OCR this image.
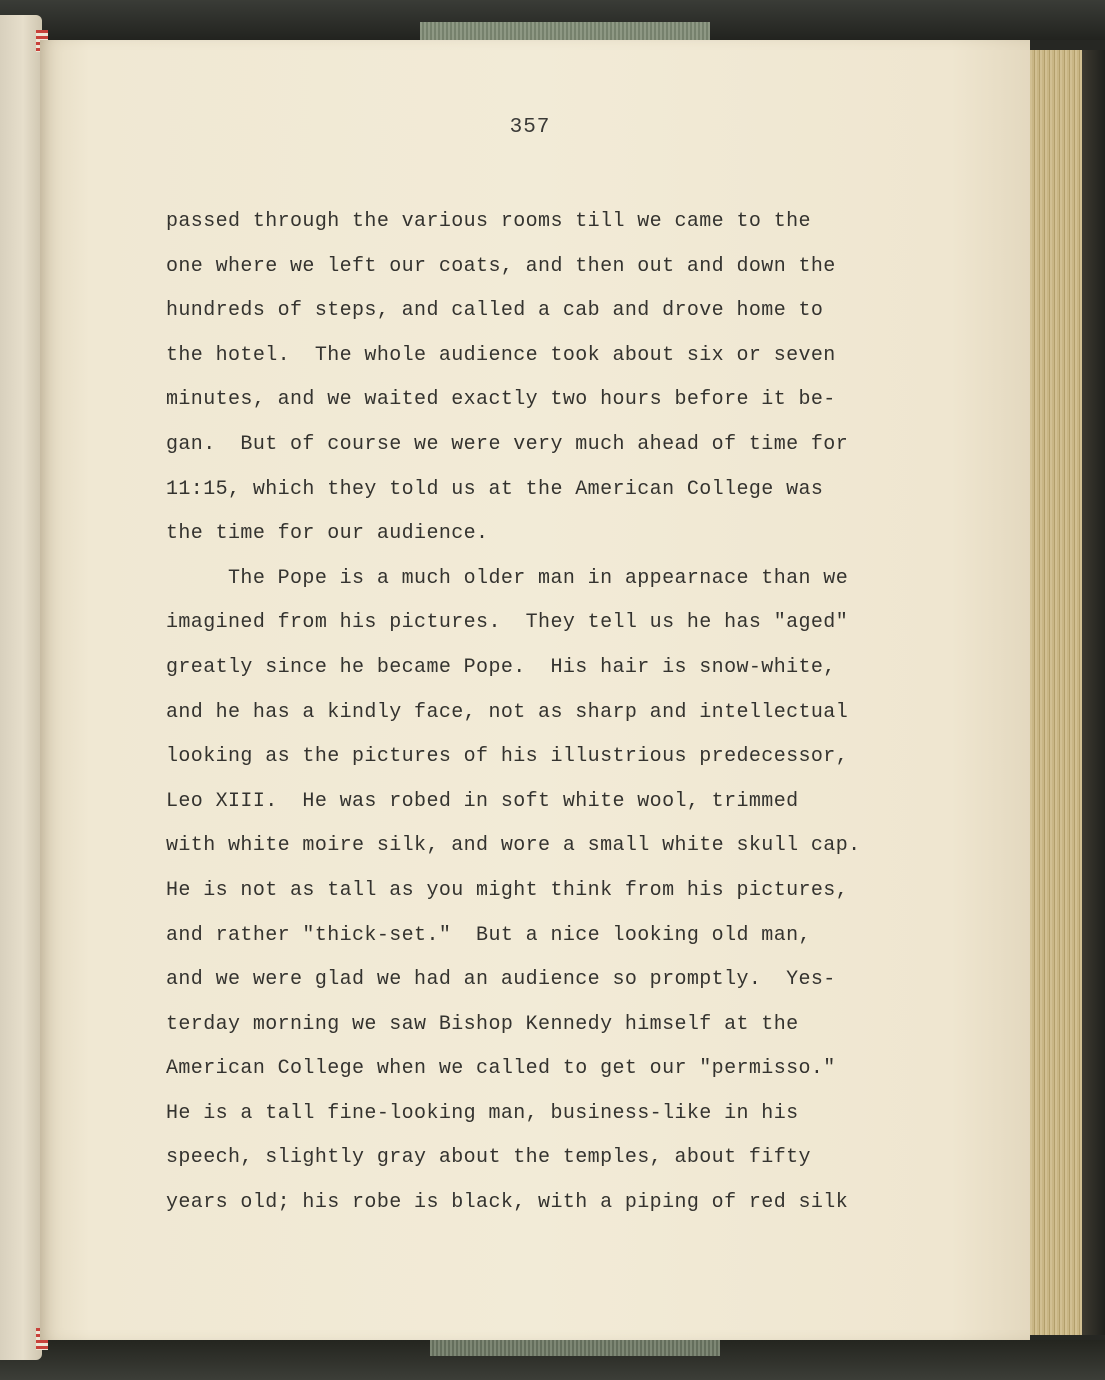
357
passed through the various rooms till we came to the
one where we left our coats, and then out and down the
hundreds of steps, and called a cab and drove home to
the hotel.  The whole audience took about six or seven
minutes, and we waited exactly two hours before it be-
gan.  But of course we were very much ahead of time for
11:15, which they told us at the American College was
the time for our audience.
The Pope is a much older man in appearnace than we
imagined from his pictures.  They tell us he has "aged"
greatly since he became Pope.  His hair is snow-white,
and he has a kindly face, not as sharp and intellectual
looking as the pictures of his illustrious predecessor,
Leo XIII.  He was robed in soft white wool, trimmed
with white moire silk, and wore a small white skull cap.
He is not as tall as you might think from his pictures,
and rather "thick-set."  But a nice looking old man,
and we were glad we had an audience so promptly.  Yes-
terday morning we saw Bishop Kennedy himself at the
American College when we called to get our "permisso."
He is a tall fine-looking man, business-like in his
speech, slightly gray about the temples, about fifty
years old; his robe is black, with a piping of red silk
